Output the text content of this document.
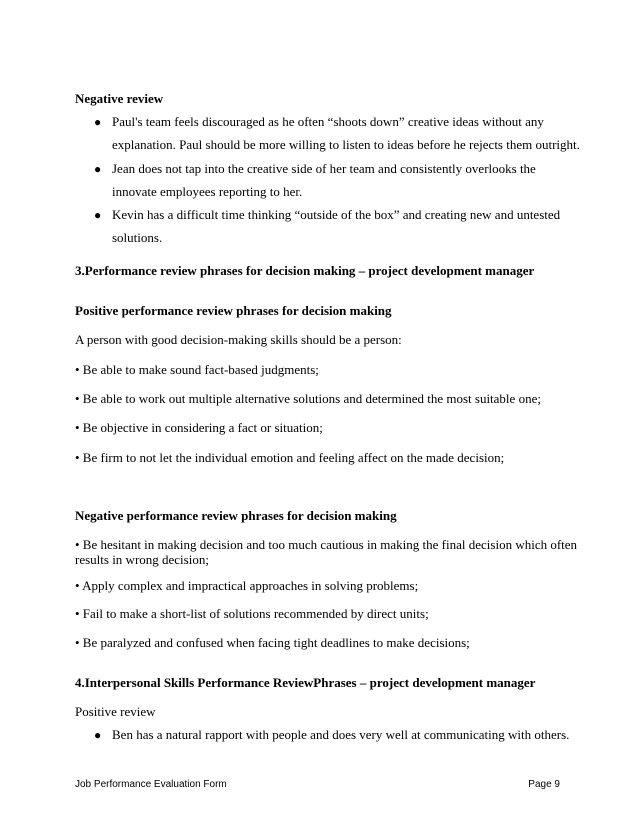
Negative review
● Paul's team feels discouraged as he often “shoots down” creative ideas without any
explanation. Paul should be more willing to listen to ideas before he rejects them outright.
● Jean does not tap into the creative side of her team and consistently overlooks the
innovate employees reporting to her.
● Kevin has a difficult time thinking “outside of the box” and creating new and untested
solutions.
3.Performance review phrases for decision making – project development manager
Positive performance review phrases for decision making
A person with good decision-making skills should be a person:
• Be able to make sound fact-based judgments;
• Be able to work out multiple alternative solutions and determined the most suitable one;
• Be objective in considering a fact or situation;
• Be firm to not let the individual emotion and feeling affect on the made decision;
Negative performance review phrases for decision making
• Be hesitant in making decision and too much cautious in making the final decision which often
results in wrong decision;
• Apply complex and impractical approaches in solving problems;
• Fail to make a short-list of solutions recommended by direct units;
• Be paralyzed and confused when facing tight deadlines to make decisions;
4.Interpersonal Skills Performance ReviewPhrases – project development manager
Positive review
● Ben has a natural rapport with people and does very well at communicating with others.
Job Performance Evaluation Form	Page 9
